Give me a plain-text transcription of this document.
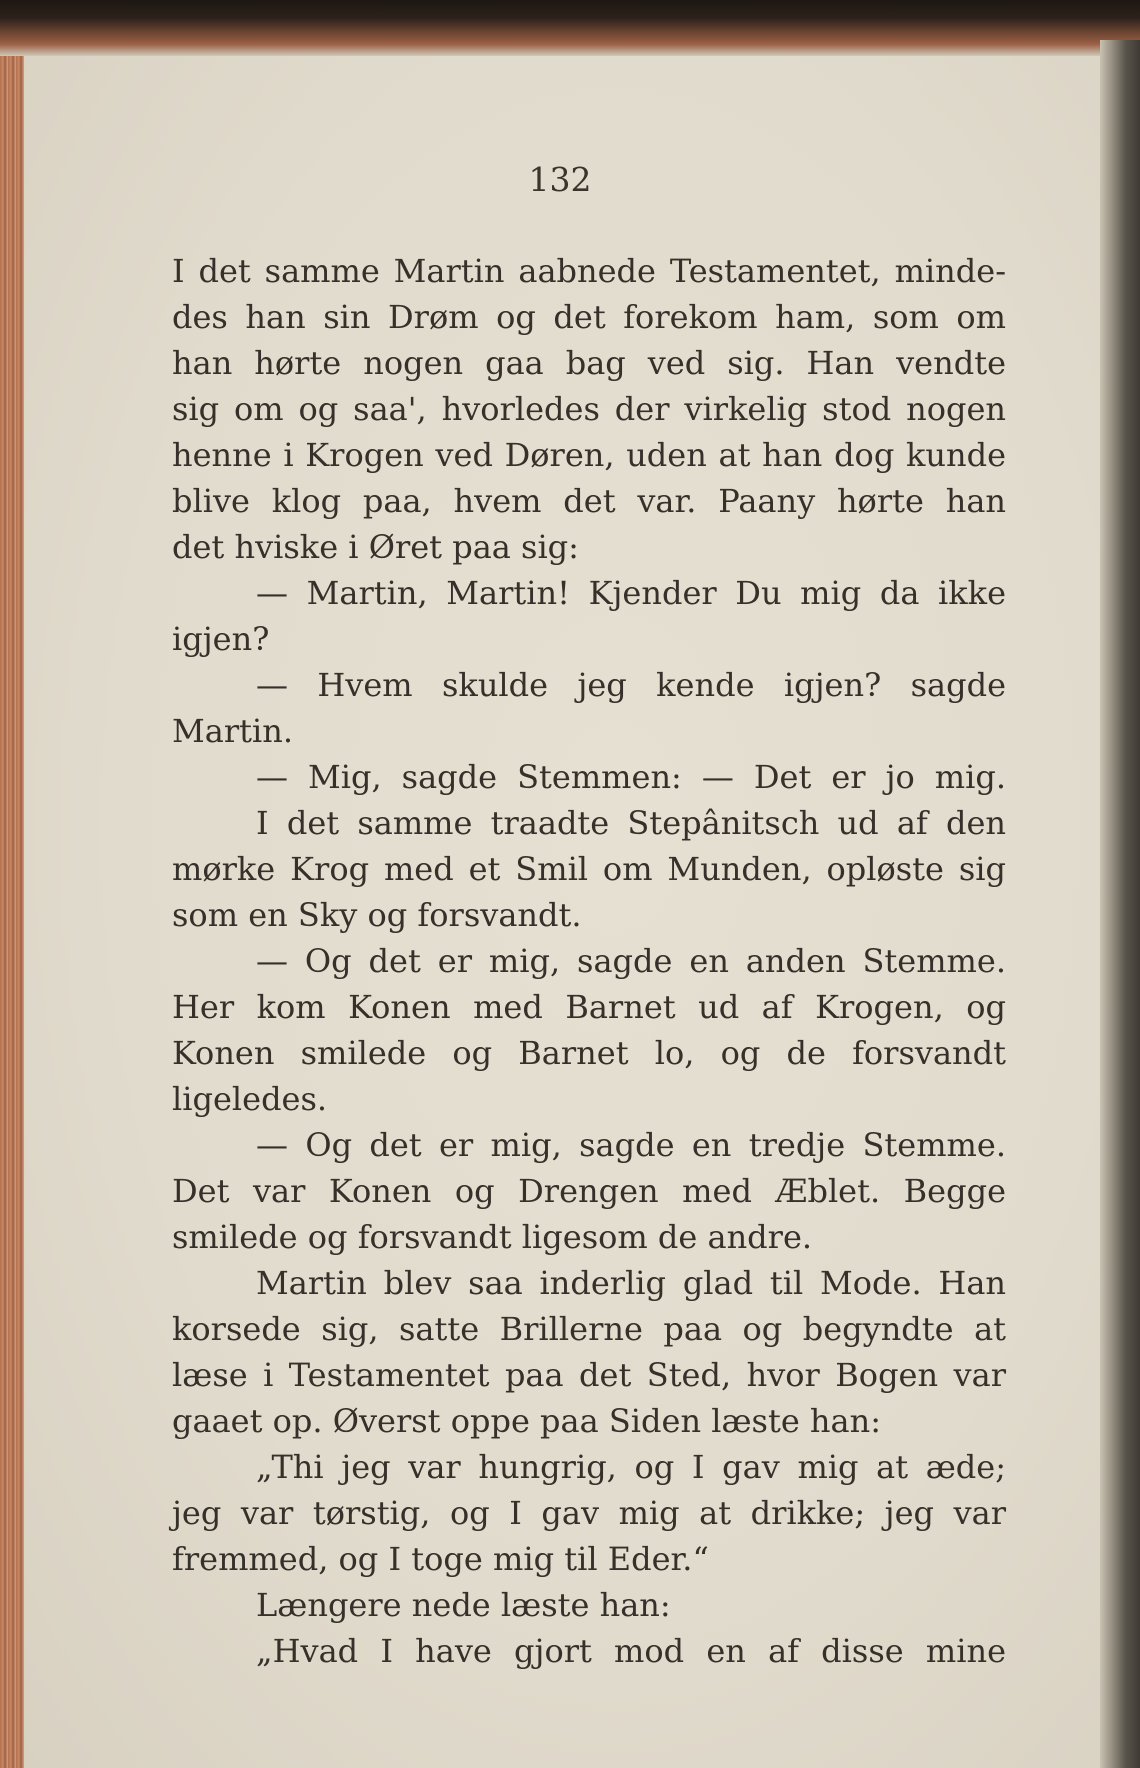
132

I det samme Martin aabnede Testamentet, minde-

des han sin Drøm og det forekom ham, som om

han hørte nogen gaa bag ved sig. Han vendte

sig om og saa', hvorledes der virkelig stod nogen

henne i Krogen ved Døren, uden at han dog kunde

blive klog paa, hvem det var. Paany hørte han

det hviske i Øret paa sig:

— Martin, Martin! Kjender Du mig da ikke

igjen?

— Hvem skulde jeg kende igjen? sagde Martin.

— Mig, sagde Stemmen: — Det er jo mig.

I det samme traadte Stepânitsch ud af den

mørke Krog med et Smil om Munden, opløste sig

som en Sky og forsvandt.

— Og det er mig, sagde en anden Stemme.

Her kom Konen med Barnet ud af Krogen, og

Konen smilede og Barnet lo, og de forsvandt

ligeledes.

— Og det er mig, sagde en tredje Stemme.

Det var Konen og Drengen med Æblet. Begge

smilede og forsvandt ligesom de andre.

Martin blev saa inderlig glad til Mode. Han

korsede sig, satte Brillerne paa og begyndte at

læse i Testamentet paa det Sted, hvor Bogen var

gaaet op. Øverst oppe paa Siden læste han:

„Thi jeg var hungrig, og I gav mig at æde;

jeg var tørstig, og I gav mig at drikke; jeg var

fremmed, og I toge mig til Eder.“

Længere nede læste han:

„Hvad I have gjort mod en af disse mine
